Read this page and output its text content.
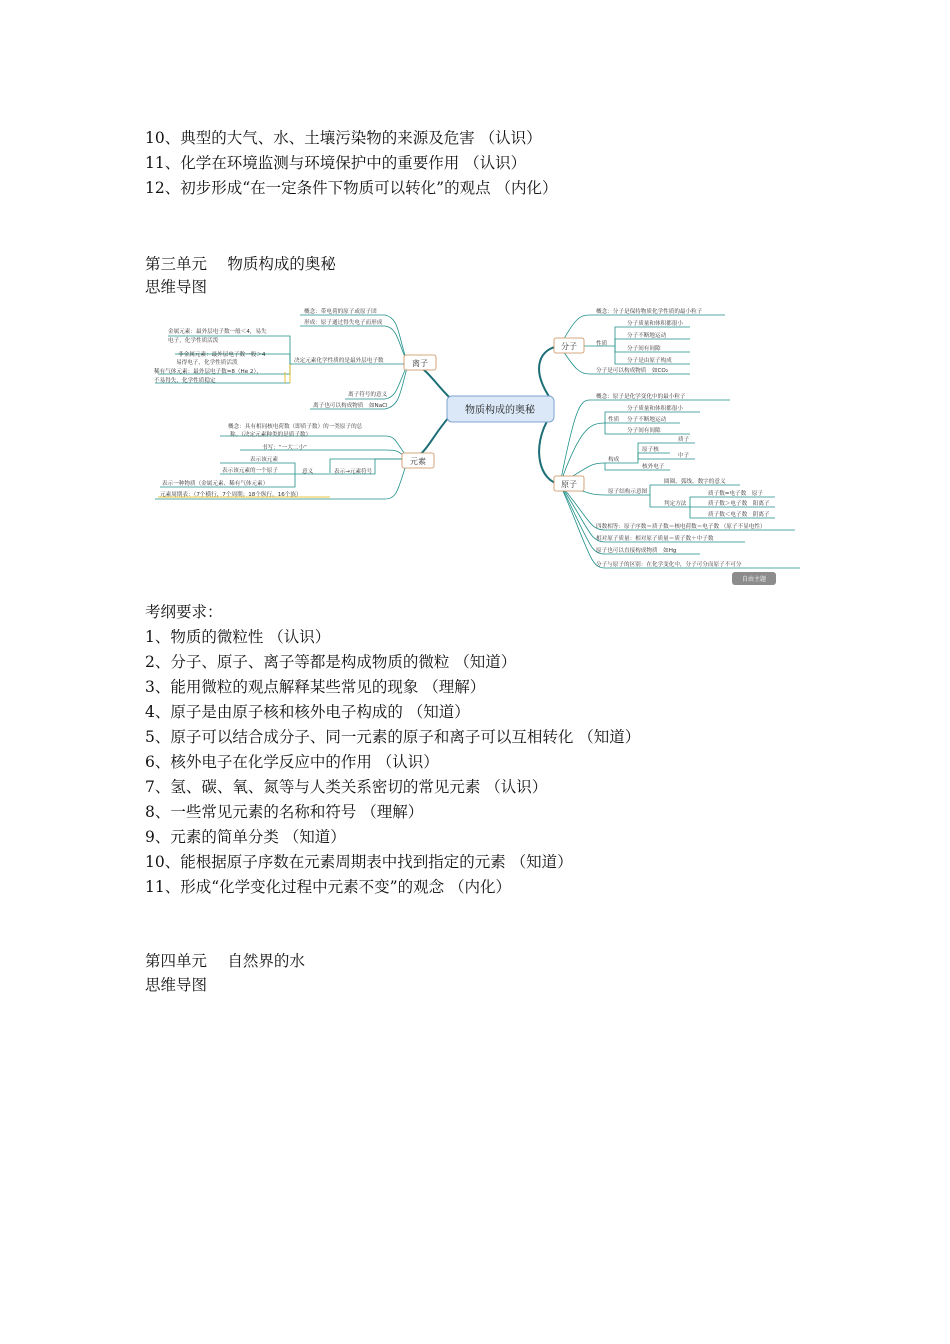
10、典型的大气、水、土壤污染物的来源及危害 （认识）
11、化学在环境监测与环境保护中的重要作用 （认识）
12、初步形成“在一定条件下物质可以转化”的观点 （内化）
第三单元　 物质构成的奥秘
思维导图
物质构成的奥秘
离子
元素
分子
原子
概念：带电荷的原子或原子团
形成：原子通过得失电子而形成
决定元素化学性质的是最外层电子数
金属元素：最外层电子数一般＜4，易失
电子，化学性质活泼
非金属元素：最外层电子数一般＞4
易得电子，化学性质活泼
稀有气体元素：最外层电子数=8（He 2），
不易得失，化学性质稳定
离子符号的意义
离子也可以构成物质　如NaCl
概念：具有相同核电荷数（即质子数）的一类原子的总
称。（决定元素种类的是质子数）
书写：“一大二小”
表示→元素符号
意义
表示该元素
表示该元素的一个原子
表示一种物质（金属元素、稀有气体元素）
元素周期表：（7个横行，7个周期；18个纵行，16个族）
概念：分子是保持物质化学性质的最小粒子
性质
分子质量和体积都很小
分子不断地运动
分子间有间隙
分子是由原子构成
分子是可以构成物质　如CO₂
概念：原子是化学变化中的最小粒子
性质
分子质量和体积都很小
分子不断地运动
分子间有间隙
构成
原子核
质子
中子
核外电子
原子结构示意图
圆圈、弧线、数字的意义
判定方法
质子数=电子数　原子
质子数＞电子数　阳离子
质子数＜电子数　阴离子
四数相等：原子序数＝质子数＝核电荷数＝电子数 （原子不显电性）
相对原子质量：相对原子质量＝质子数＋中子数
原子也可以直接构成物质　如Hg
分子与原子的区别：在化学变化中，分子可分而原子不可分
自由主题
考纲要求：
1、物质的微粒性 （认识）
2、分子、原子、离子等都是构成物质的微粒 （知道）
3、能用微粒的观点解释某些常见的现象 （理解）
4、原子是由原子核和核外电子构成的 （知道）
5、原子可以结合成分子、同一元素的原子和离子可以互相转化 （知道）
6、核外电子在化学反应中的作用 （认识）
7、氢、碳、氧、氮等与人类关系密切的常见元素 （认识）
8、一些常见元素的名称和符号 （理解）
9、元素的简单分类 （知道）
10、能根据原子序数在元素周期表中找到指定的元素 （知道）
11、形成“化学变化过程中元素不变”的观念 （内化）
第四单元　 自然界的水
思维导图
